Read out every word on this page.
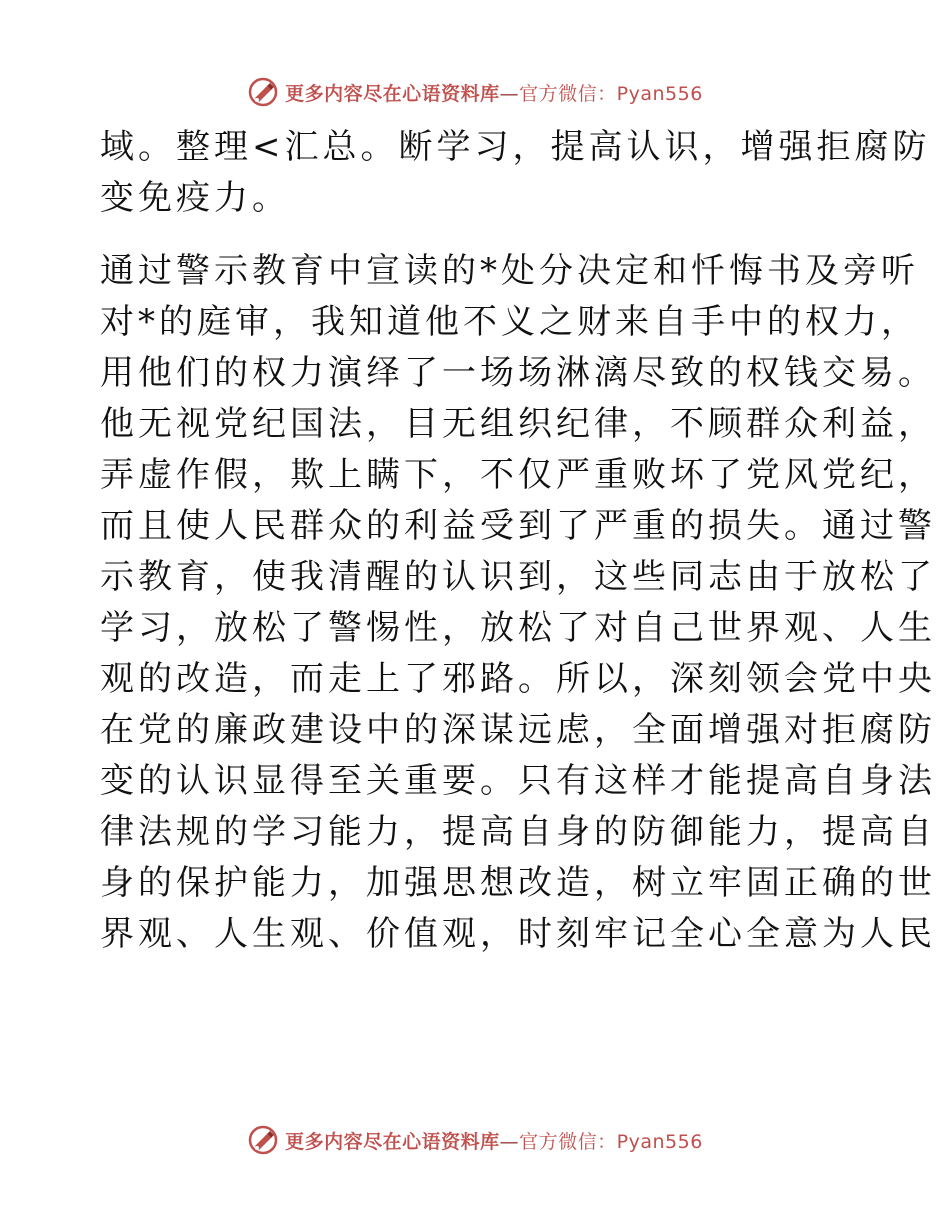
更多内容尽在心语资料库—官方微信：Pyan556

域。整理<汇总。断学习，提高认识，增强拒腐防
变免疫力。

通过警示教育中宣读的*处分决定和忏悔书及旁听
对*的庭审，我知道他不义之财来自手中的权力，
用他们的权力演绎了一场场淋漓尽致的权钱交易。
他无视党纪国法，目无组织纪律，不顾群众利益，
弄虚作假，欺上瞒下，不仅严重败坏了党风党纪，
而且使人民群众的利益受到了严重的损失。通过警
示教育，使我清醒的认识到，这些同志由于放松了
学习，放松了警惕性，放松了对自己世界观、人生
观的改造，而走上了邪路。所以，深刻领会党中央
在党的廉政建设中的深谋远虑，全面增强对拒腐防
变的认识显得至关重要。只有这样才能提高自身法
律法规的学习能力，提高自身的防御能力，提高自
身的保护能力，加强思想改造，树立牢固正确的世
界观、人生观、价值观，时刻牢记全心全意为人民

更多内容尽在心语资料库—官方微信：Pyan556
